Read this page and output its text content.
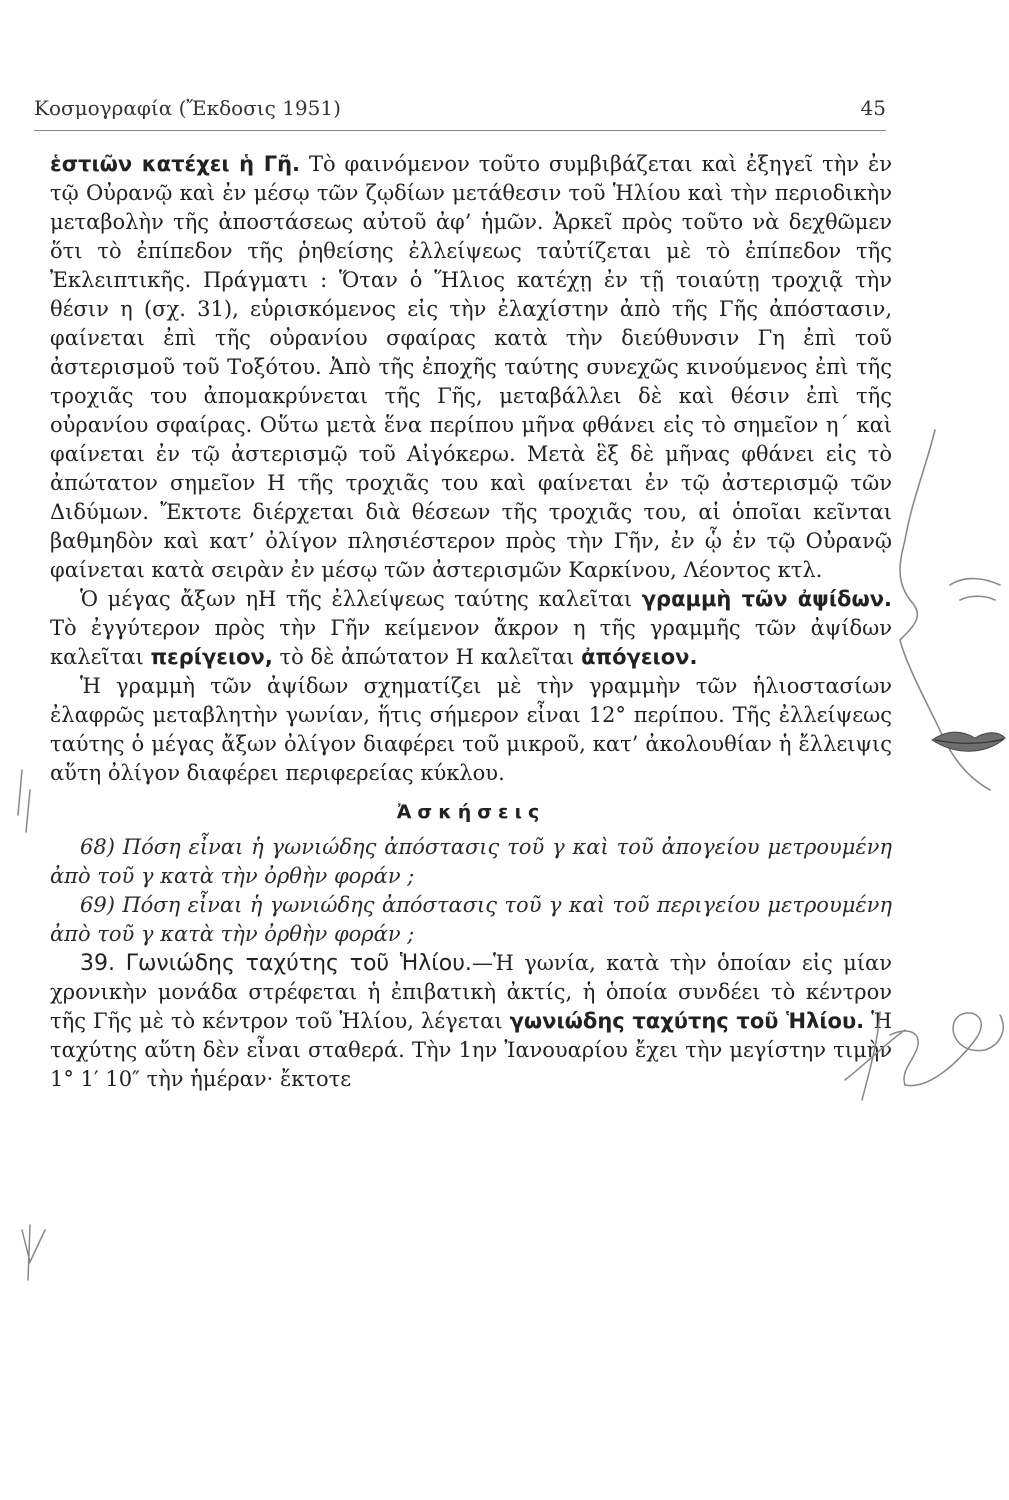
Κοσμογραφία (Ἔκδοσις 1951)	45

ἑστιῶν κατέχει ἡ Γῆ. Τὸ φαινόμενον τοῦτο συμβιβάζεται καὶ ἐξηγεῖ τὴν ἐν τῷ Οὐρανῷ καὶ ἐν μέσῳ τῶν ζῳδίων μετάθεσιν τοῦ Ἡλίου καὶ τὴν περιοδικὴν μεταβολὴν τῆς ἀποστάσεως αὐτοῦ ἀφ’ ἡμῶν. Ἀρκεῖ πρὸς τοῦτο νὰ δεχθῶμεν ὅτι τὸ ἐπίπεδον τῆς ῥηθείσης ἐλλείψεως ταὐτίζεται μὲ τὸ ἐπίπεδον τῆς Ἐκλειπτικῆς. Πράγματι : Ὅταν ὁ Ἥλιος κατέχῃ ἐν τῇ τοιαύτῃ τροχιᾷ τὴν θέσιν η (σχ. 31), εὑρισκόμενος εἰς τὴν ἐλαχίστην ἀπὸ τῆς Γῆς ἀπόστασιν, φαίνεται ἐπὶ τῆς οὐρανίου σφαίρας κατὰ τὴν διεύθυνσιν Γη ἐπὶ τοῦ ἀστερισμοῦ τοῦ Τοξότου. Ἀπὸ τῆς ἐποχῆς ταύτης συνεχῶς κινούμενος ἐπὶ τῆς τροχιᾶς του ἀπομακρύνεται τῆς Γῆς, μεταβάλλει δὲ καὶ θέσιν ἐπὶ τῆς οὐρανίου σφαίρας. Οὕτω μετὰ ἕνα περίπου μῆνα φθάνει εἰς τὸ σημεῖον η΄ καὶ φαίνεται ἐν τῷ ἀστερισμῷ τοῦ Αἰγόκερω. Μετὰ ἓξ δὲ μῆνας φθάνει εἰς τὸ ἀπώτατον σημεῖον Η τῆς τροχιᾶς του καὶ φαίνεται ἐν τῷ ἀστερισμῷ τῶν Διδύμων. Ἔκτοτε διέρχεται διὰ θέσεων τῆς τροχιᾶς του, αἱ ὁποῖαι κεῖνται βαθμηδὸν καὶ κατ’ ὀλίγον πλησιέστερον πρὸς τὴν Γῆν, ἐν ᾧ ἐν τῷ Οὐρανῷ φαίνεται κατὰ σειρὰν ἐν μέσῳ τῶν ἀστερισμῶν Καρκίνου, Λέοντος κτλ.

Ὁ μέγας ἄξων ηΗ τῆς ἐλλείψεως ταύτης καλεῖται γραμμὴ τῶν ἀψίδων. Τὸ ἐγγύτερον πρὸς τὴν Γῆν κείμενον ἄκρον η τῆς γραμμῆς τῶν ἀψίδων καλεῖται περίγειον, τὸ δὲ ἀπώτατον Η καλεῖται ἀπόγειον.

Ἡ γραμμὴ τῶν ἀψίδων σχηματίζει μὲ τὴν γραμμὴν τῶν ἡλιοστασίων ἐλαφρῶς μεταβλητὴν γωνίαν, ἥτις σήμερον εἶναι 12° περίπου. Τῆς ἐλλείψεως ταύτης ὁ μέγας ἄξων ὀλίγον διαφέρει τοῦ μικροῦ, κατ’ ἀκολουθίαν ἡ ἔλλειψις αὕτη ὀλίγον διαφέρει περιφερείας κύκλου.

Ἀσκήσεις

68) Πόση εἶναι ἡ γωνιώδης ἀπόστασις τοῦ γ καὶ τοῦ ἀπογείου μετρουμένη ἀπὸ τοῦ γ κατὰ τὴν ὀρθὴν φοράν ;

69) Πόση εἶναι ἡ γωνιώδης ἀπόστασις τοῦ γ καὶ τοῦ περιγείου μετρουμένη ἀπὸ τοῦ γ κατὰ τὴν ὀρθὴν φοράν ;

39. Γωνιώδης ταχύτης τοῦ Ἡλίου.—Ἡ γωνία, κατὰ τὴν ὁποίαν εἰς μίαν χρονικὴν μονάδα στρέφεται ἡ ἐπιβατικὴ ἀκτίς, ἡ ὁποία συνδέει τὸ κέντρον τῆς Γῆς μὲ τὸ κέντρον τοῦ Ἡλίου, λέγεται γωνιώδης ταχύτης τοῦ Ἡλίου. Ἡ ταχύτης αὕτη δὲν εἶναι σταθερά. Τὴν 1ην Ἰανουαρίου ἔχει τὴν μεγίστην τιμὴν 1° 1′ 10″ τὴν ἡμέραν· ἔκτοτε
